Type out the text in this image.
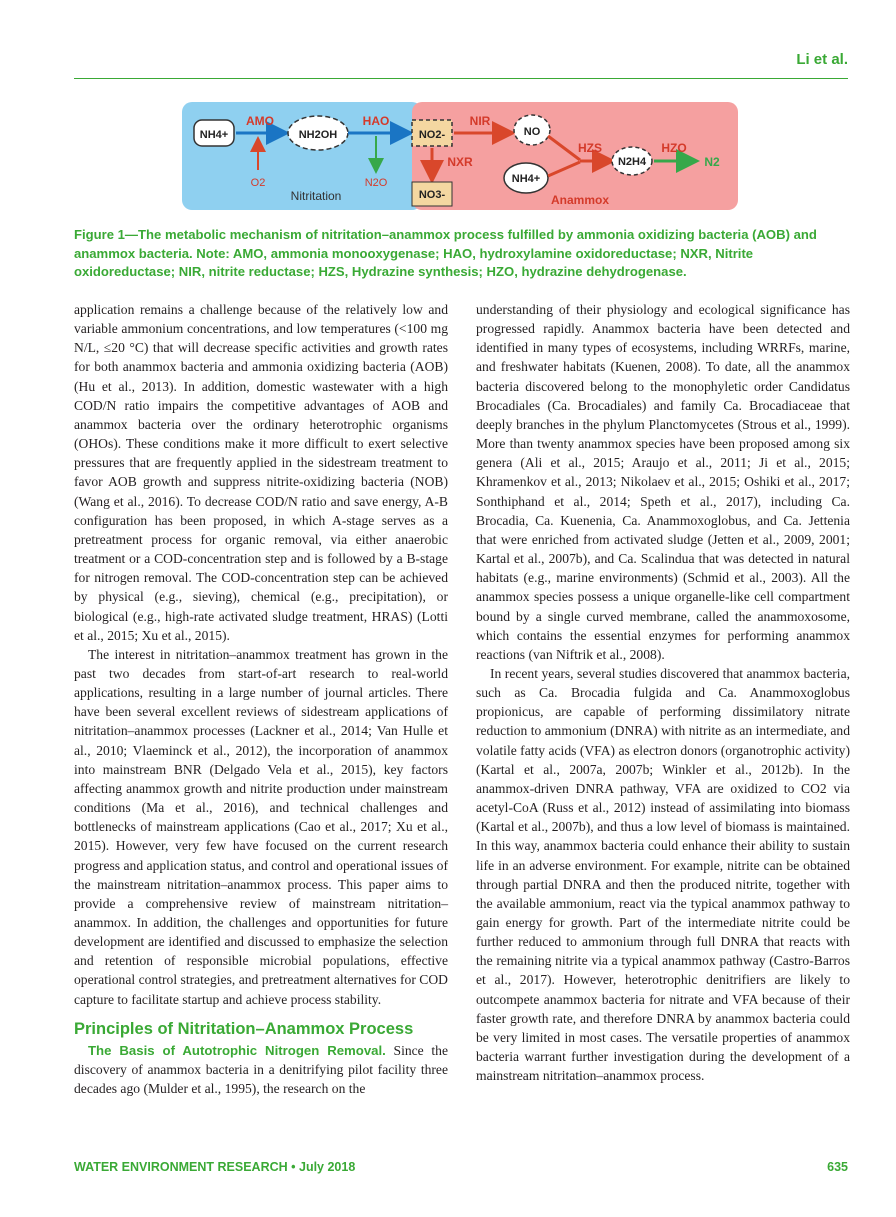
Li et al.
NH4+
AMO
NH2OH
O2
HAO
N2O
Nitritation
NO2-
NIR
NO
NXR
NO3-
NH4+
HZS
N2H4
HZO
N2
Anammox
Figure 1—The metabolic mechanism of nitritation–anammox process fulfilled by ammonia oxidizing bacteria (AOB) and anammox bacteria. Note: AMO, ammonia monooxygenase; HAO, hydroxylamine oxidoreductase; NXR, Nitrite oxidoreductase; NIR, nitrite reductase; HZS, Hydrazine synthesis; HZO, hydrazine dehydrogenase.

application remains a challenge because of the relatively low and variable ammonium concentrations, and low temperatures (<100 mg N/L, ≤20 °C) that will decrease specific activities and growth rates for both anammox bacteria and ammonia oxidizing bacteria (AOB) (Hu et al., 2013). In addition, domestic wastewater with a high COD/N ratio impairs the competitive advantages of AOB and anammox bacteria over the ordinary heterotrophic organisms (OHOs). These conditions make it more difficult to exert selective pressures that are frequently applied in the sidestream treatment to favor AOB growth and suppress nitrite-oxidizing bacteria (NOB) (Wang et al., 2016). To decrease COD/N ratio and save energy, A-B configuration has been proposed, in which A-stage serves as a pretreatment process for organic removal, via either anaerobic treatment or a COD-concentration step and is followed by a B-stage for nitrogen removal. The COD-concentration step can be achieved by physical (e.g., sieving), chemical (e.g., precipitation), or biological (e.g., high-rate activated sludge treatment, HRAS) (Lotti et al., 2015; Xu et al., 2015).

The interest in nitritation–anammox treatment has grown in the past two decades from start-of-art research to real-world applications, resulting in a large number of journal articles. There have been several excellent reviews of sidestream applications of nitritation–anammox processes (Lackner et al., 2014; Van Hulle et al., 2010; Vlaeminck et al., 2012), the incorporation of anammox into mainstream BNR (Delgado Vela et al., 2015), key factors affecting anammox growth and nitrite production under mainstream conditions (Ma et al., 2016), and technical challenges and bottlenecks of mainstream applications (Cao et al., 2017; Xu et al., 2015). However, very few have focused on the current research progress and application status, and control and operational issues of the mainstream nitritation–anammox process. This paper aims to provide a comprehensive review of mainstream nitritation–anammox. In addition, the challenges and opportunities for future development are identified and discussed to emphasize the selection and retention of responsible microbial populations, effective operational control strategies, and pretreatment alternatives for COD capture to facilitate startup and achieve process stability.

Principles of Nitritation–Anammox Process

The Basis of Autotrophic Nitrogen Removal. Since the discovery of anammox bacteria in a denitrifying pilot facility three decades ago (Mulder et al., 1995), the research on the

understanding of their physiology and ecological significance has progressed rapidly. Anammox bacteria have been detected and identified in many types of ecosystems, including WRRFs, marine, and freshwater habitats (Kuenen, 2008). To date, all the anammox bacteria discovered belong to the monophyletic order Candidatus Brocadiales (Ca. Brocadiales) and family Ca. Brocadiaceae that deeply branches in the phylum Planctomycetes (Strous et al., 1999). More than twenty anammox species have been proposed among six genera (Ali et al., 2015; Araujo et al., 2011; Ji et al., 2015; Khramenkov et al., 2013; Nikolaev et al., 2015; Oshiki et al., 2017; Sonthiphand et al., 2014; Speth et al., 2017), including Ca. Brocadia, Ca. Kuenenia, Ca. Anammoxoglobus, and Ca. Jettenia that were enriched from activated sludge (Jetten et al., 2009, 2001; Kartal et al., 2007b), and Ca. Scalindua that was detected in natural habitats (e.g., marine environments) (Schmid et al., 2003). All the anammox species possess a unique organelle-like cell compartment bound by a single curved membrane, called the anammoxosome, which contains the essential enzymes for performing anammox reactions (van Niftrik et al., 2008).

In recent years, several studies discovered that anammox bacteria, such as Ca. Brocadia fulgida and Ca. Anammoxoglobus propionicus, are capable of performing dissimilatory nitrate reduction to ammonium (DNRA) with nitrite as an intermediate, and volatile fatty acids (VFA) as electron donors (organotrophic activity) (Kartal et al., 2007a, 2007b; Winkler et al., 2012b). In the anammox-driven DNRA pathway, VFA are oxidized to CO2 via acetyl-CoA (Russ et al., 2012) instead of assimilating into biomass (Kartal et al., 2007b), and thus a low level of biomass is maintained. In this way, anammox bacteria could enhance their ability to sustain life in an adverse environment. For example, nitrite can be obtained through partial DNRA and then the produced nitrite, together with the available ammonium, react via the typical anammox pathway to gain energy for growth. Part of the intermediate nitrite could be further reduced to ammonium through full DNRA that reacts with the remaining nitrite via a typical anammox pathway (Castro-Barros et al., 2017). However, heterotrophic denitrifiers are likely to outcompete anammox bacteria for nitrate and VFA because of their faster growth rate, and therefore DNRA by anammox bacteria could be very limited in most cases. The versatile properties of anammox bacteria warrant further investigation during the development of a mainstream nitritation–anammox process.

WATER ENVIRONMENT RESEARCH • July 2018	635
